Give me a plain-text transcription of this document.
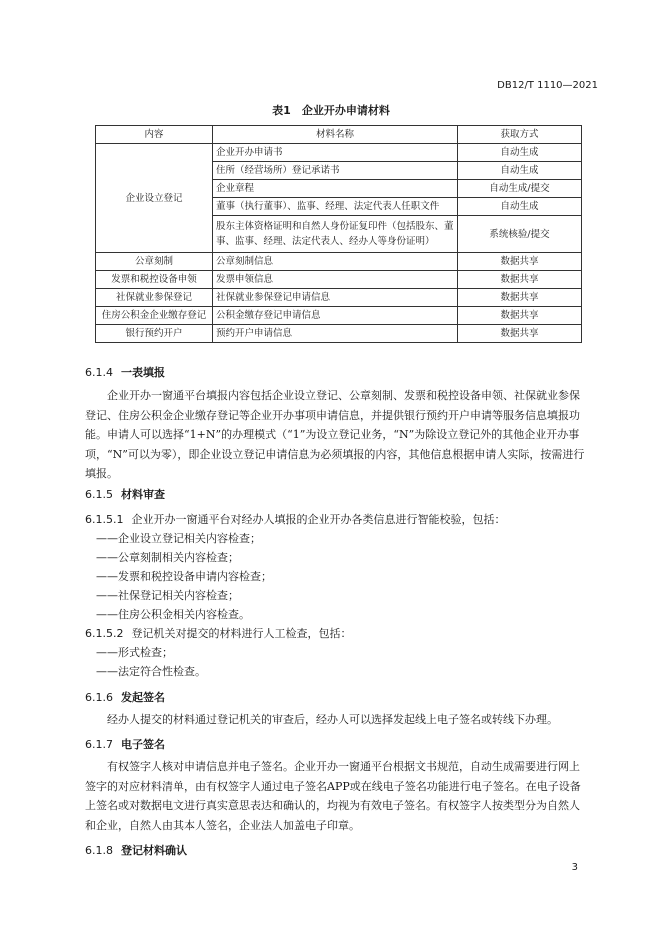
DB12/T 1110—2021
表1　企业开办申请材料
内容	材料名称	获取方式
企业设立登记	企业开办申请书	自动生成
	住所（经营场所）登记承诺书	自动生成
	企业章程	自动生成/提交
	董事（执行董事）、监事、经理、法定代表人任职文件	自动生成
	股东主体资格证明和自然人身份证复印件（包括股东、董事、监事、经理、法定代表人、经办人等身份证明）	系统核验/提交
公章刻制	公章刻制信息	数据共享
发票和税控设备申领	发票申领信息	数据共享
社保就业参保登记	社保就业参保登记申请信息	数据共享
住房公积金企业缴存登记	公积金缴存登记申请信息	数据共享
银行预约开户	预约开户申请信息	数据共享
6.1.4 一表填报
企业开办一窗通平台填报内容包括企业设立登记、公章刻制、发票和税控设备申领、社保就业参保登记、住房公积金企业缴存登记等企业开办事项申请信息，并提供银行预约开户申请等服务信息填报功能。申请人可以选择“1+N”的办理模式（“1”为设立登记业务，“N”为除设立登记外的其他企业开办事项，“N”可以为零），即企业设立登记申请信息为必须填报的内容，其他信息根据申请人实际，按需进行填报。
6.1.5 材料审查
6.1.5.1 企业开办一窗通平台对经办人填报的企业开办各类信息进行智能校验，包括：
——企业设立登记相关内容检查；
——公章刻制相关内容检查；
——发票和税控设备申请内容检查；
——社保登记相关内容检查；
——住房公积金相关内容检查。
6.1.5.2 登记机关对提交的材料进行人工检查，包括：
——形式检查；
——法定符合性检查。
6.1.6 发起签名
经办人提交的材料通过登记机关的审查后，经办人可以选择发起线上电子签名或转线下办理。
6.1.7 电子签名
有权签字人核对申请信息并电子签名。企业开办一窗通平台根据文书规范，自动生成需要进行网上签字的对应材料清单，由有权签字人通过电子签名APP或在线电子签名功能进行电子签名。在电子设备上签名或对数据电文进行真实意思表达和确认的，均视为有效电子签名。有权签字人按类型分为自然人和企业，自然人由其本人签名，企业法人加盖电子印章。
6.1.8 登记材料确认
3
